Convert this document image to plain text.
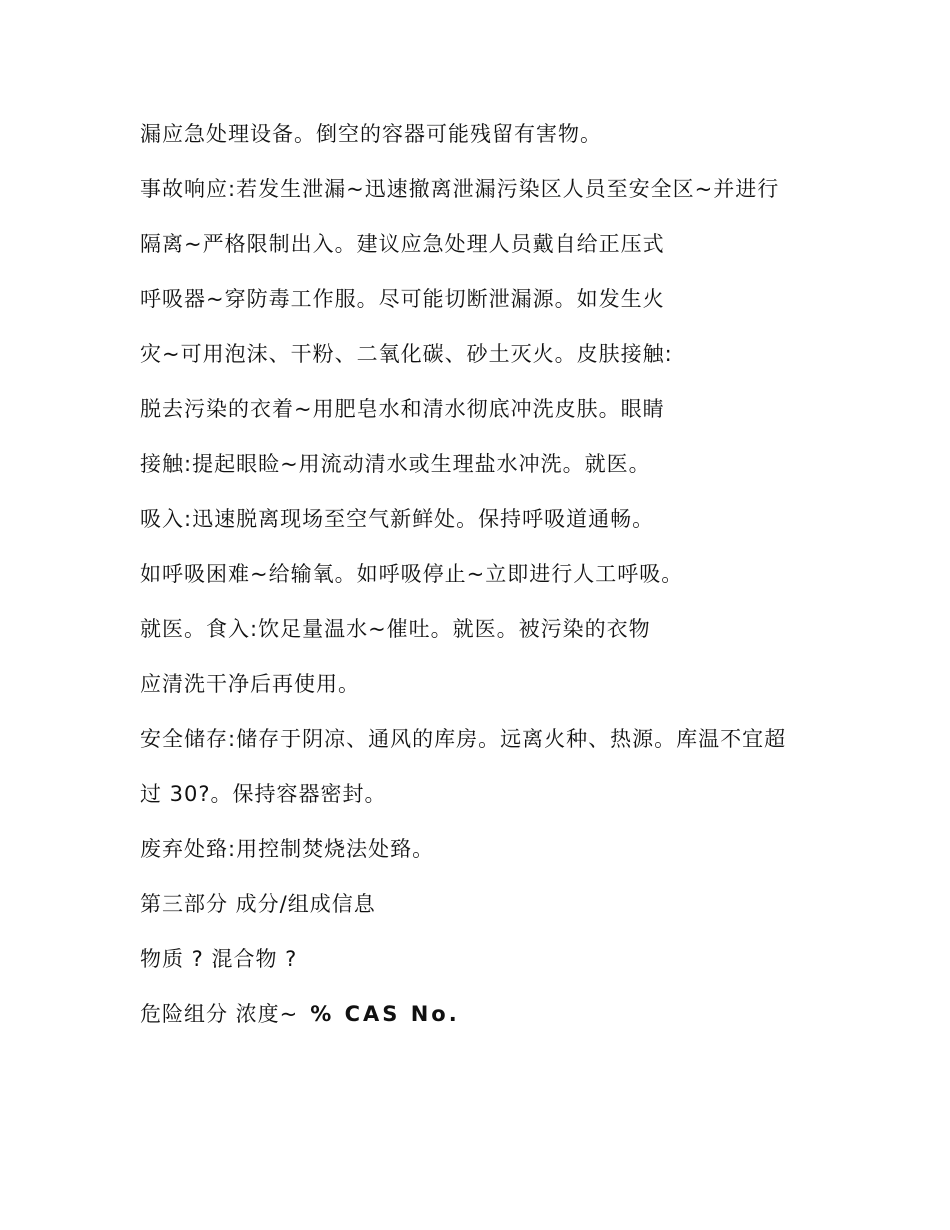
漏应急处理设备。倒空的容器可能残留有害物。

事故响应:若发生泄漏~迅速撤离泄漏污染区人员至安全区~并进行

隔离~严格限制出入。建议应急处理人员戴自给正压式

呼吸器~穿防毒工作服。尽可能切断泄漏源。如发生火

灾~可用泡沫、干粉、二氧化碳、砂土灭火。皮肤接触:

脱去污染的衣着~用肥皂水和清水彻底冲洗皮肤。眼睛

接触:提起眼睑~用流动清水或生理盐水冲洗。就医。

吸入:迅速脱离现场至空气新鲜处。保持呼吸道通畅。

如呼吸困难~给输氧。如呼吸停止~立即进行人工呼吸。

就医。食入:饮足量温水~催吐。就医。被污染的衣物

应清洗干净后再使用。

安全储存:储存于阴凉、通风的库房。远离火种、热源。库温不宜超

过 30?。保持容器密封。

废弃处臵:用控制焚烧法处臵。

第三部分 成分/组成信息

物质 ? 混合物 ?

危险组分 浓度~ % CAS No.
